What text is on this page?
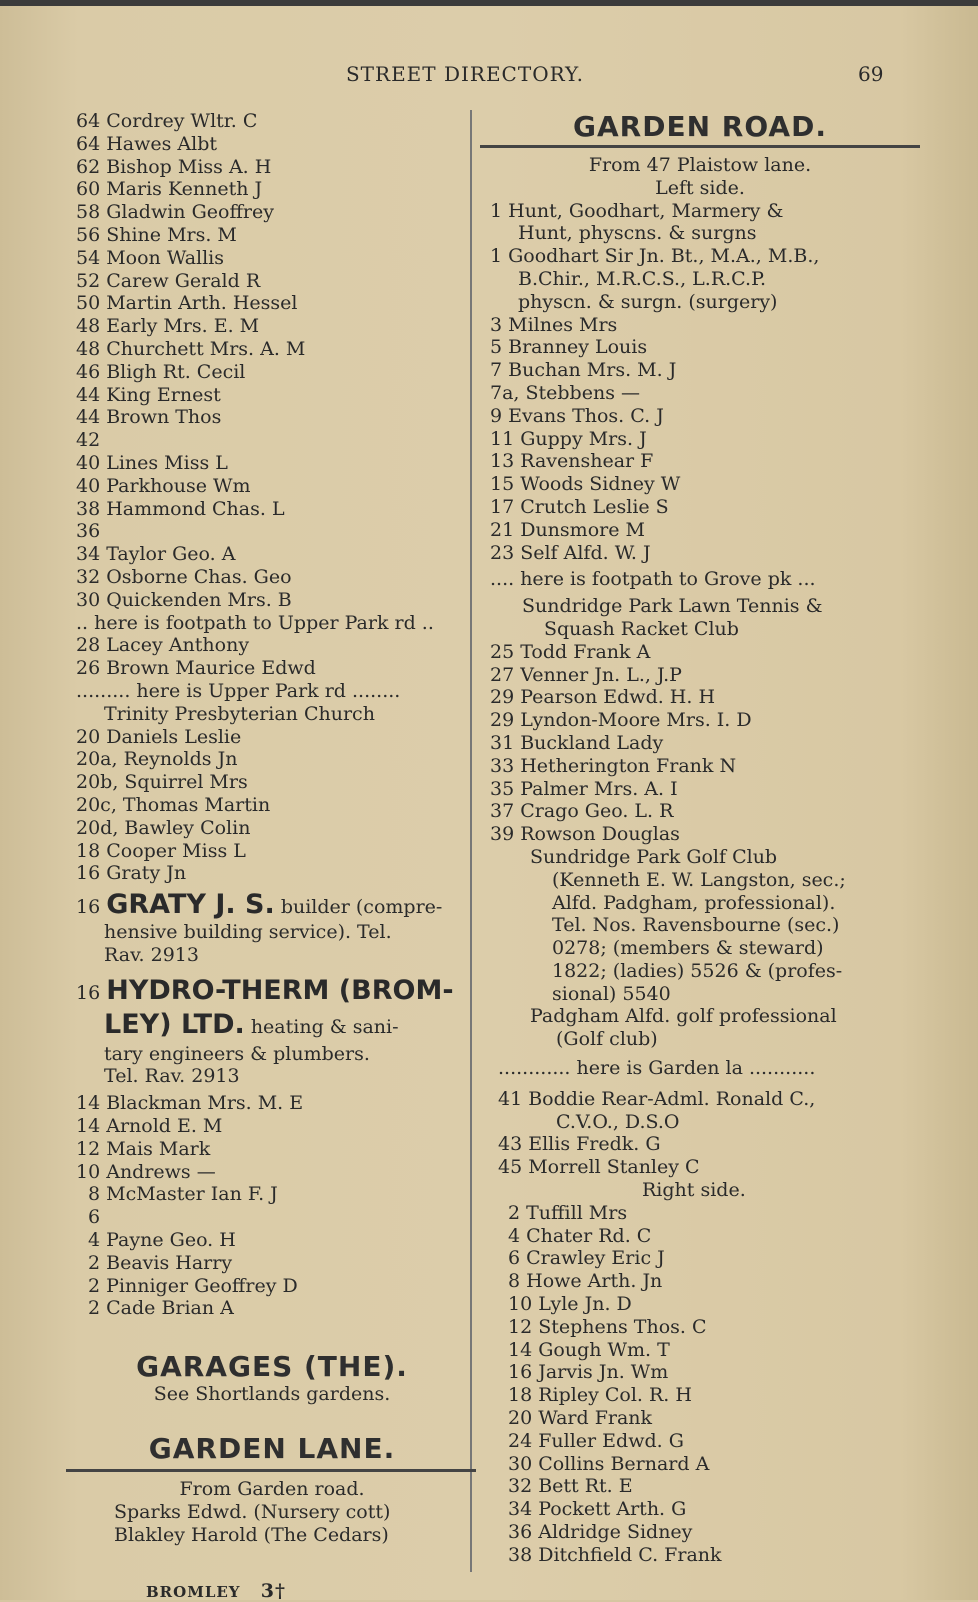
STREET DIRECTORY.	69
64 Cordrey Wltr. C
64 Hawes Albt
62 Bishop Miss A. H
60 Maris Kenneth J
58 Gladwin Geoffrey
56 Shine Mrs. M
54 Moon Wallis
52 Carew Gerald R
50 Martin Arth. Hessel
48 Early Mrs. E. M
48 Churchett Mrs. A. M
46 Bligh Rt. Cecil
44 King Ernest
44 Brown Thos
42
40 Lines Miss L
40 Parkhouse Wm
38 Hammond Chas. L
36
34 Taylor Geo. A
32 Osborne Chas. Geo
30 Quickenden Mrs. B
.. here is footpath to Upper Park rd ..
28 Lacey Anthony
26 Brown Maurice Edwd
......... here is Upper Park rd ........
Trinity Presbyterian Church
20 Daniels Leslie
20a, Reynolds Jn
20b, Squirrel Mrs
20c, Thomas Martin
20d, Bawley Colin
18 Cooper Miss L
16 Graty Jn
16 GRATY J. S. builder (compre-
hensive building service). Tel.
Rav. 2913
16 HYDRO-THERM (BROM-
LEY) LTD. heating & sani-
tary engineers & plumbers.
Tel. Rav. 2913
14 Blackman Mrs. M. E
14 Arnold E. M
12 Mais Mark
10 Andrews —
8 McMaster Ian F. J
6
4 Payne Geo. H
2 Beavis Harry
2 Pinniger Geoffrey D
2 Cade Brian A
GARAGES (THE).
See Shortlands gardens.
GARDEN LANE.
From Garden road.
Sparks Edwd. (Nursery cott)
Blakley Harold (The Cedars)
GARDEN ROAD.
From 47 Plaistow lane.
Left side.
1 Hunt, Goodhart, Marmery &
Hunt, physcns. & surgns
1 Goodhart Sir Jn. Bt., M.A., M.B.,
B.Chir., M.R.C.S., L.R.C.P.
physcn. & surgn. (surgery)
3 Milnes Mrs
5 Branney Louis
7 Buchan Mrs. M. J
7a, Stebbens —
9 Evans Thos. C. J
11 Guppy Mrs. J
13 Ravenshear F
15 Woods Sidney W
17 Crutch Leslie S
21 Dunsmore M
23 Self Alfd. W. J
.... here is footpath to Grove pk ...
Sundridge Park Lawn Tennis &
Squash Racket Club
25 Todd Frank A
27 Venner Jn. L., J.P
29 Pearson Edwd. H. H
29 Lyndon-Moore Mrs. I. D
31 Buckland Lady
33 Hetherington Frank N
35 Palmer Mrs. A. I
37 Crago Geo. L. R
39 Rowson Douglas
Sundridge Park Golf Club
(Kenneth E. W. Langston, sec.;
Alfd. Padgham, professional).
Tel. Nos. Ravensbourne (sec.)
0278; (members & steward)
1822; (ladies) 5526 & (profes-
sional) 5540
Padgham Alfd. golf professional
(Golf club)
............ here is Garden la ...........
41 Boddie Rear-Adml. Ronald C.,
C.V.O., D.S.O
43 Ellis Fredk. G
45 Morrell Stanley C
Right side.
2 Tuffill Mrs
4 Chater Rd. C
6 Crawley Eric J
8 Howe Arth. Jn
10 Lyle Jn. D
12 Stephens Thos. C
14 Gough Wm. T
16 Jarvis Jn. Wm
18 Ripley Col. R. H
20 Ward Frank
24 Fuller Edwd. G
30 Collins Bernard A
32 Bett Rt. E
34 Pockett Arth. G
36 Aldridge Sidney
38 Ditchfield C. Frank
BROMLEY 3†
